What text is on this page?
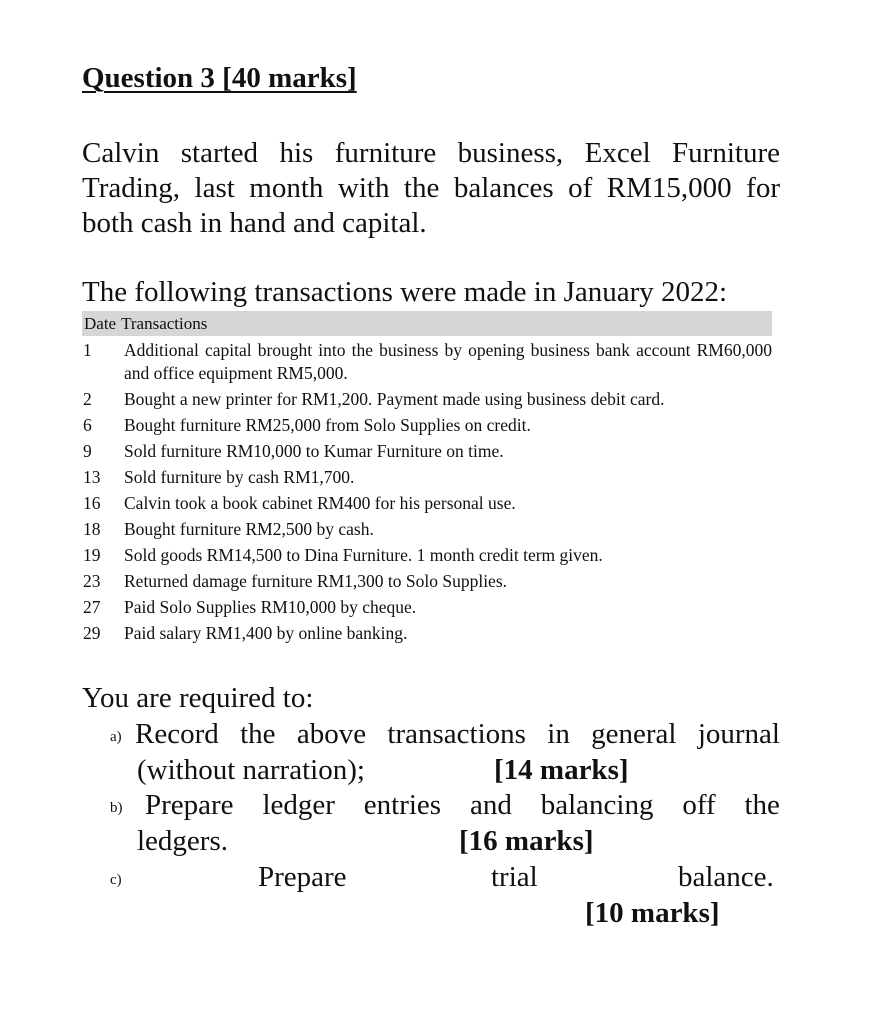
Question 3 [40 marks]
Calvin started his furniture business, Excel Furniture Trading, last month with the balances of RM15,000 for both cash in hand and capital.
The following transactions were made in January 2022:
Date Transactions
1	Additional capital brought into the business by opening business bank account RM60,000 and office equipment RM5,000.
2	Bought a new printer for RM1,200. Payment made using business debit card.
6	Bought furniture RM25,000 from Solo Supplies on credit.
9	Sold furniture RM10,000 to Kumar Furniture on time.
13	Sold furniture by cash RM1,700.
16	Calvin took a book cabinet RM400 for his personal use.
18	Bought furniture RM2,500 by cash.
19	Sold goods RM14,500 to Dina Furniture. 1 month credit term given.
23	Returned damage furniture RM1,300 to Solo Supplies.
27	Paid Solo Supplies RM10,000 by cheque.
29	Paid salary RM1,400 by online banking.
You are required to:
a) Record the above transactions in general journal
(without narration);	[14 marks]
b) Prepare ledger entries and balancing off the
ledgers.	[16 marks]
c)	Prepare	trial	balance.
[10 marks]
